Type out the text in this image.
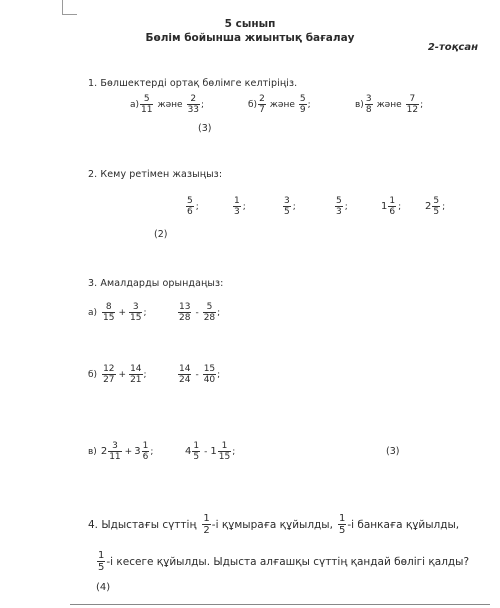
5 сынып
Бөлім бойынша жиынтық бағалау
2-тоқсан
1. Бөлшектерді ортақ бөлімге келтіріңіз.
$а) \frac{5}{11}$ және $\frac{2}{33}$ ;	$б) \frac{2}{7}$ және $\frac{5}{9}$ ;	$в) \frac{3}{8}$ және $\frac{7}{12}$ ;
(3)
2. Кему ретімен жазыңыз:
$\frac{5}{6}$ ;	$\frac{1}{3}$ ;	$\frac{3}{5}$ ;	$\frac{5}{3}$ ;	$1 \frac{1}{6}$ ; $2 \frac{5}{5}$ ;
(2)
3. Амалдарды орындаңыз:
$а) \frac{8}{15} + \frac{3}{15}$ ;	$\frac{13}{28} - \frac{5}{28}$ ;
$б) \frac{12}{27} + \frac{14}{21}$ ;	$\frac{14}{24} - \frac{15}{40}$ ;
в) $2 \frac{3}{11} + 3 \frac{1}{6}$ ;	$4 \frac{1}{5} - 1 \frac{1}{15}$ ;	(3)
4. Ыдыстағы сүттің $\frac{1}{2} -і$ құмыраға құйылды, $\frac{1}{5} -і$ банкаға құйылды,
$\frac{1}{5} -і$ кесеге құйылды. Ыдыста алғашқы сүттің қандай бөлігі қалды?
(4)
